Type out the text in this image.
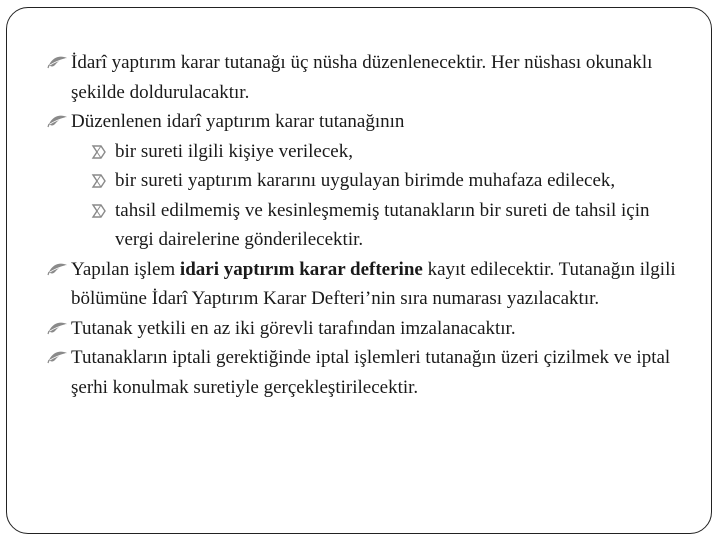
İdarî yaptırım karar tutanağı üç nüsha düzenlenecektir. Her nüshası okunaklı şekilde doldurulacaktır.

Düzenlenen idarî yaptırım karar tutanağının

bir sureti ilgili kişiye verilecek,

bir sureti yaptırım kararını uygulayan birimde muhafaza edilecek,

tahsil edilmemiş ve kesinleşmemiş tutanakların bir sureti de tahsil için vergi dairelerine gönderilecektir.

Yapılan işlem idari yaptırım karar defterine kayıt edilecektir. Tutanağın ilgili bölümüne İdarî Yaptırım Karar Defteri’nin sıra numarası yazılacaktır.

Tutanak yetkili en az iki görevli tarafından imzalanacaktır.

Tutanakların iptali gerektiğinde iptal işlemleri tutanağın üzeri çizilmek ve iptal şerhi konulmak suretiyle gerçekleştirilecektir.
